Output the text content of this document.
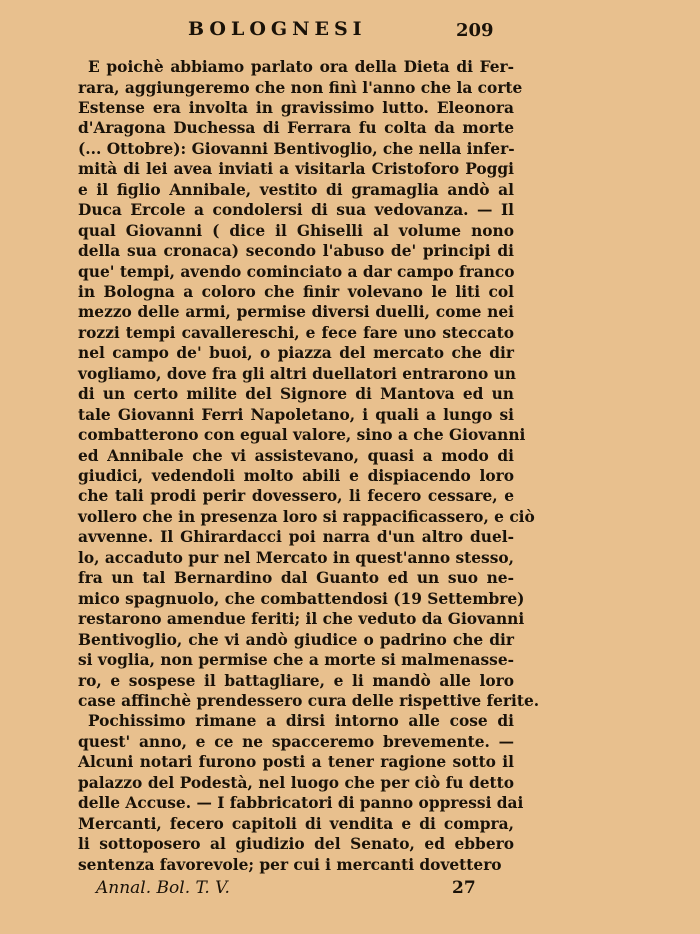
BOLOGNESI	209
E poichè abbiamo parlato ora della Dieta di Fer-
rara, aggiungeremo che non finì l'anno che la corte
Estense era involta in gravissimo lutto. Eleonora
d'Aragona Duchessa di Ferrara fu colta da morte
(... Ottobre): Giovanni Bentivoglio, che nella infer-
mità di lei avea inviati a visitarla Cristoforo Poggi
e il figlio Annibale, vestito di gramaglia andò al
Duca Ercole a condolersi di sua vedovanza. — Il
qual Giovanni ( dice il Ghiselli al volume nono
della sua cronaca) secondo l'abuso de' principi di
que' tempi, avendo cominciato a dar campo franco
in Bologna a coloro che finir volevano le liti col
mezzo delle armi, permise diversi duelli, come nei
rozzi tempi cavallereschi, e fece fare uno steccato
nel campo de' buoi, o piazza del mercato che dir
vogliamo, dove fra gli altri duellatori entrarono un
di un certo milite del Signore di Mantova ed un
tale Giovanni Ferri Napoletano, i quali a lungo si
combatterono con egual valore, sino a che Giovanni
ed Annibale che vi assistevano, quasi a modo di
giudici, vedendoli molto abili e dispiacendo loro
che tali prodi perir dovessero, li fecero cessare, e
vollero che in presenza loro si rappacificassero, e ciò
avvenne. Il Ghirardacci poi narra d'un altro duel-
lo, accaduto pur nel Mercato in quest'anno stesso,
fra un tal Bernardino dal Guanto ed un suo ne-
mico spagnuolo, che combattendosi (19 Settembre)
restarono amendue feriti; il che veduto da Giovanni
Bentivoglio, che vi andò giudice o padrino che dir
si voglia, non permise che a morte si malmenasse-
ro, e sospese il battagliare, e li mandò alle loro
case affinchè prendessero cura delle rispettive ferite.
Pochissimo rimane a dirsi intorno alle cose di
quest' anno, e ce ne spacceremo brevemente. —
Alcuni notari furono posti a tener ragione sotto il
palazzo del Podestà, nel luogo che per ciò fu detto
delle Accuse. — I fabbricatori di panno oppressi dai
Mercanti, fecero capitoli di vendita e di compra,
li sottoposero al giudizio del Senato, ed ebbero
sentenza favorevole; per cui i mercanti dovettero
Annal. Bol. T. V.	27
